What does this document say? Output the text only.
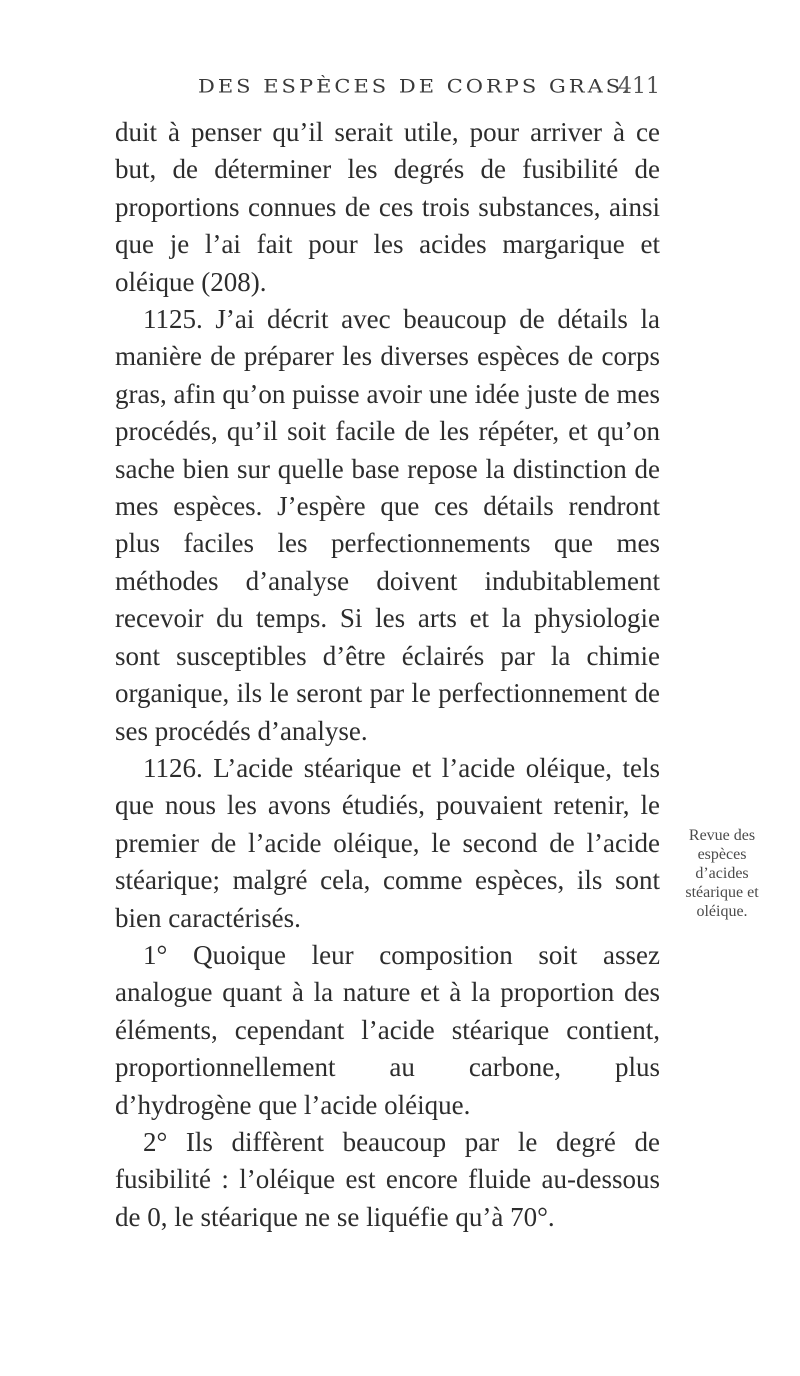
DES ESPÈCES DE CORPS GRAS.
411

duit à penser qu’il serait utile, pour arriver à ce but, de déterminer les degrés de fusibilité de proportions connues de ces trois substances, ainsi que je l’ai fait pour les acides margarique et oléique (208).

1125. J’ai décrit avec beaucoup de détails la manière de préparer les diverses espèces de corps gras, afin qu’on puisse avoir une idée juste de mes procédés, qu’il soit facile de les répéter, et qu’on sache bien sur quelle base repose la distinction de mes espèces. J’espère que ces détails rendront plus faciles les perfectionnements que mes méthodes d’analyse doivent indubitablement recevoir du temps. Si les arts et la physiologie sont susceptibles d’être éclairés par la chimie organique, ils le seront par le perfectionnement de ses procédés d’analyse.

1126. L’acide stéarique et l’acide oléique, tels que nous les avons étudiés, pouvaient retenir, le premier de l’acide oléique, le second de l’acide stéarique; malgré cela, comme espèces, ils sont bien caractérisés.

1° Quoique leur composition soit assez analogue quant à la nature et à la proportion des éléments, cependant l’acide stéarique contient, proportionnellement au carbone, plus d’hydrogène que l’acide oléique.

2° Ils diffèrent beaucoup par le degré de fusibilité : l’oléique est encore fluide au-dessous de 0, le stéarique ne se liquéfie qu’à 70°.

Revue des espèces d’acides stéarique et oléique.
